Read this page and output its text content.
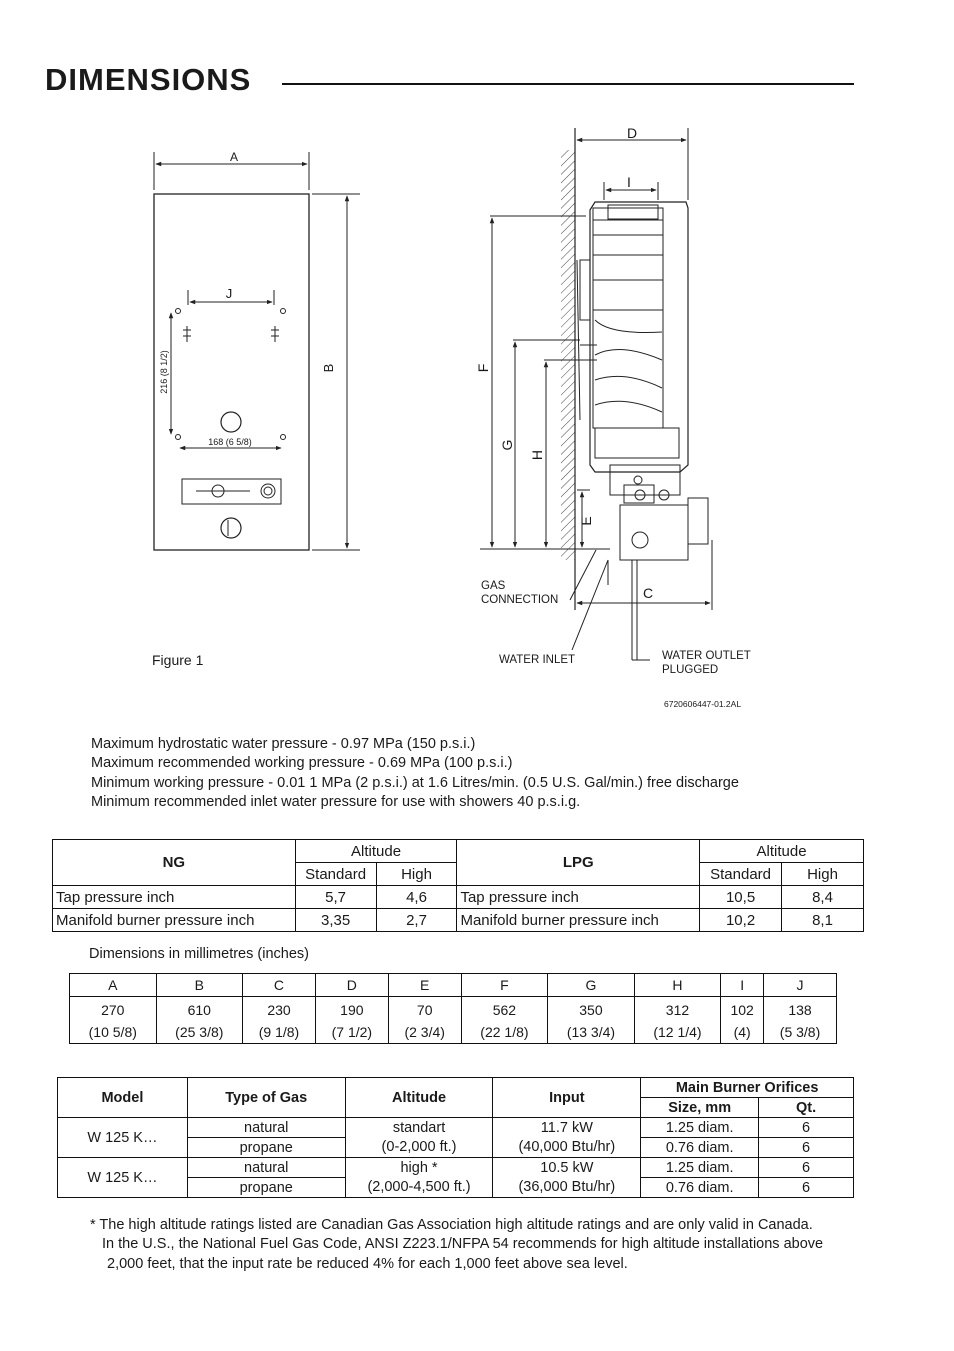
DIMENSIONS
A
B
J
216 (8 1/2)
168 (6 5/8)
D
I
F
G
H
E
C
GAS
CONNECTION
WATER INLET	WATER OUTLET
PLUGGED
6720606447-01.2AL
Figure 1
Maximum hydrostatic water pressure - 0.97 MPa (150 p.s.i.)
Maximum recommended working pressure - 0.69 MPa (100 p.s.i.)
Minimum working pressure - 0.01 1 MPa (2 p.s.i.) at 1.6 Litres/min. (0.5 U.S. Gal/min.) free discharge
Minimum recommended inlet water pressure for use with showers 40 p.s.i.g.
NG	Altitude		LPG	Altitude	
	Standard	High		Standard	High
Tap pressure inch	5,7	4,6	Tap pressure inch	10,5	8,4
Manifold burner pressure inch	3,35	2,7	Manifold burner pressure inch	10,2	8,1
Dimensions in millimetres (inches)
A	B	C	D	E	F	G	H	I	J
270	610	230	190	70	562	350	312	102	138
(10 5/8)	(25 3/8)	(9 1/8)	(7 1/2)	(2 3/4)	(22 1/8)	(13 3/4)	(12 1/4)	(4)	(5 3/8)
Model	Type of Gas	Altitude	Input	Main Burner Orifices	
				Size, mm	Qt.
W 125 K…	natural	standart	11.7 kW	1.25 diam.	6
	propane	(0-2,000 ft.)	(40,000 Btu/hr)	0.76 diam.	6
W 125 K…	natural	high *	10.5 kW	1.25 diam.	6
	propane	(2,000-4,500 ft.)	(36,000 Btu/hr)	0.76 diam.	6
* The high altitude ratings listed are Canadian Gas Association high altitude ratings and are only valid in Canada.
In the U.S., the National Fuel Gas Code, ANSI Z223.1/NFPA 54 recommends for high altitude installations above
2,000 feet, that the input rate be reduced 4% for each 1,000 feet above sea level.
